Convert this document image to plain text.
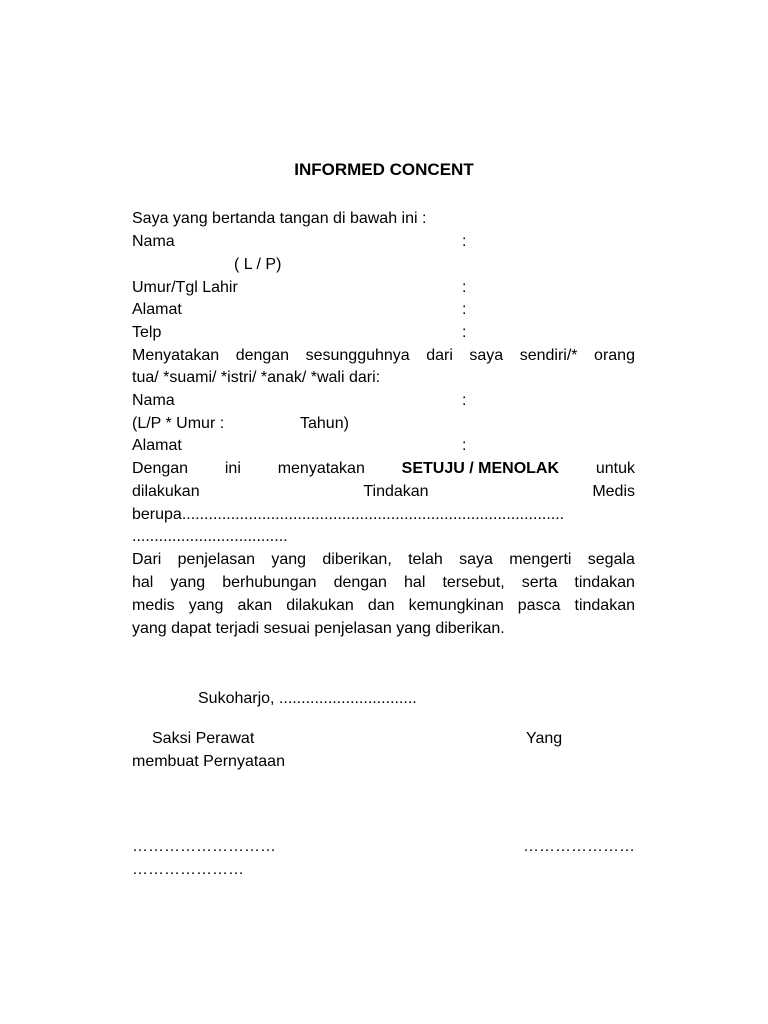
INFORMED CONCENT
Saya yang bertanda tangan di bawah ini :
Nama	:
( L / P)
Umur/Tgl Lahir	:
Alamat	:
Telp	:
Menyatakan dengan sesungguhnya dari saya sendiri/* orang
tua/ *suami/ *istri/ *anak/ *wali dari:
Nama	:
(L/P * Umur :	Tahun)
Alamat	:
Dengan ini menyatakan SETUJU / MENOLAK untuk
dilakukan	Tindakan	Medis
berupa......................................................................................
...................................
Dari penjelasan yang diberikan, telah saya mengerti segala
hal yang berhubungan dengan hal tersebut, serta tindakan
medis yang akan dilakukan dan kemungkinan pasca tindakan
yang dapat terjadi sesuai penjelasan yang diberikan.
Sukoharjo, ...............................
Saksi Perawat	Yang
membuat Pernyataan
………………………	…………………
…………………
